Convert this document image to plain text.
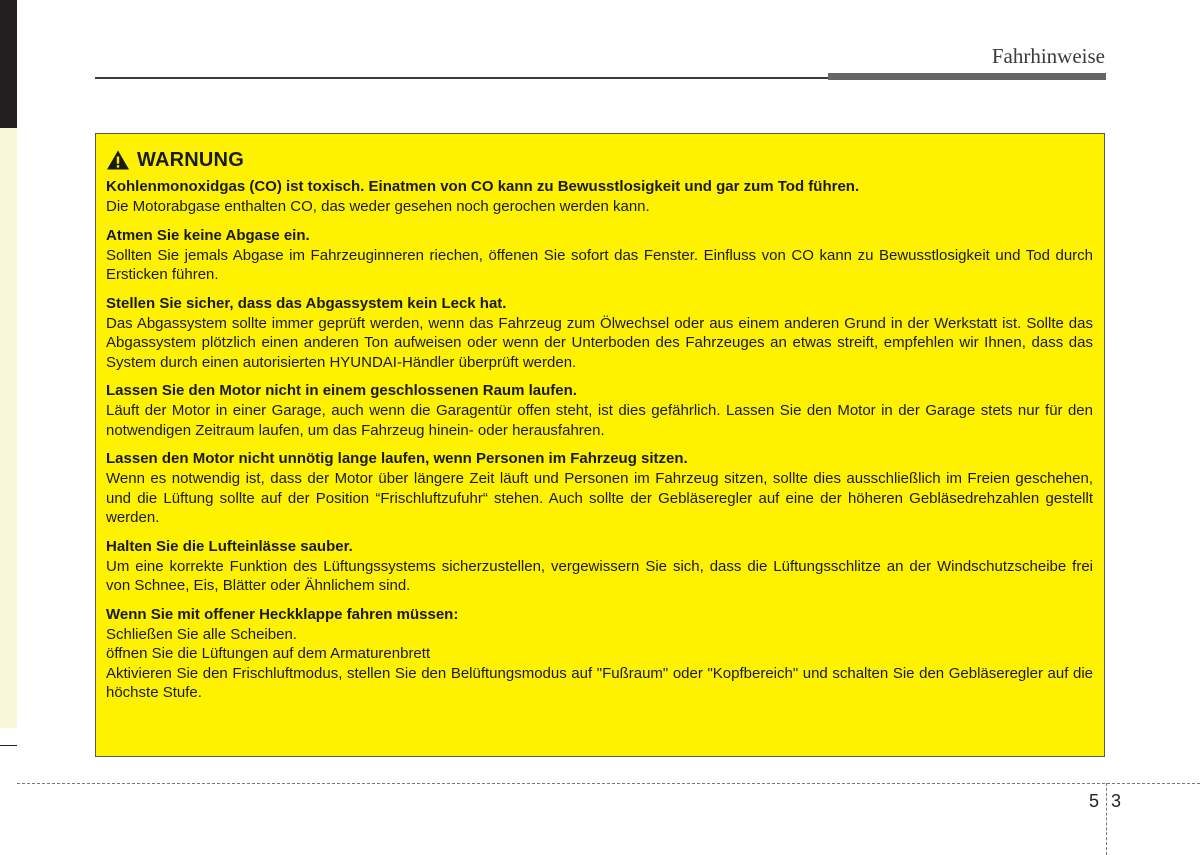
Fahrhinweise
WARNUNG
Kohlenmonoxidgas (CO) ist toxisch. Einatmen von CO kann zu Bewusstlosigkeit und gar zum Tod führen.
Die Motorabgase enthalten CO, das weder gesehen noch gerochen werden kann.
Atmen Sie keine Abgase ein.
Sollten Sie jemals Abgase im Fahrzeuginneren riechen, öffenen Sie sofort das Fenster. Einfluss von CO kann zu Bewusstlosigkeit und Tod durch Ersticken führen.
Stellen Sie sicher, dass das Abgassystem kein Leck hat.
Das Abgassystem sollte immer geprüft werden, wenn das Fahrzeug zum Ölwechsel oder aus einem anderen Grund in der Werkstatt ist. Sollte das Abgassystem plötzlich einen anderen Ton aufweisen oder wenn der Unterboden des Fahrzeuges an etwas streift, empfehlen wir Ihnen, dass das System durch einen autorisierten HYUNDAI-Händler überprüft werden.
Lassen Sie den Motor nicht in einem geschlossenen Raum laufen.
Läuft der Motor in einer Garage, auch wenn die Garagentür offen steht, ist dies gefährlich. Lassen Sie den Motor in der Garage stets nur für den notwendigen Zeitraum laufen, um das Fahrzeug hinein- oder herausfahren.
Lassen den Motor nicht unnötig lange laufen, wenn Personen im Fahrzeug sitzen.
Wenn es notwendig ist, dass der Motor über längere Zeit läuft und Personen im Fahrzeug sitzen, sollte dies ausschließlich im Freien geschehen, und die Lüftung sollte auf der Position “Frischluftzufuhr“ stehen. Auch sollte der Gebläseregler auf eine der höheren Gebläsedrehzahlen gestellt werden.
Halten Sie die Lufteinlässe sauber.
Um eine korrekte Funktion des Lüftungssystems sicherzustellen, vergewissern Sie sich, dass die Lüftungsschlitze an der Windschutzscheibe frei von Schnee, Eis, Blätter oder Ähnlichem sind.
Wenn Sie mit offener Heckklappe fahren müssen:
Schließen Sie alle Scheiben.
öffnen Sie die Lüftungen auf dem Armaturenbrett
Aktivieren Sie den Frischluftmodus, stellen Sie den Belüftungsmodus auf "Fußraum" oder "Kopfbereich" und schalten Sie den Gebläseregler auf die höchste Stufe.
5 3
